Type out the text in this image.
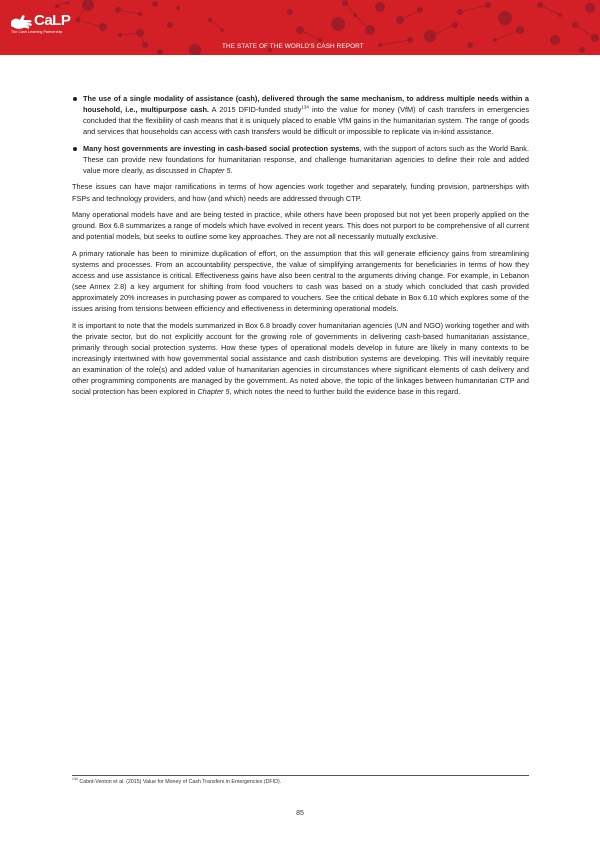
CaLP
The Cash Learning Partnership
THE STATE OF THE WORLD'S CASH REPORT
The use of a single modality of assistance (cash), delivered through the same mechanism, to address multiple needs within a household, i.e., multipurpose cash. A 2015 DFID-funded study$^{134}$ into the value for money (VfM) of cash transfers in emergencies concluded that the flexibility of cash means that it is uniquely placed to enable VfM gains in the humanitarian system. The range of goods and services that households can access with cash transfers would be difficult or impossible to replicate via in-kind assistance.
Many host governments are investing in cash-based social protection systems, with the support of actors such as the World Bank. These can provide new foundations for humanitarian response, and challenge humanitarian agencies to define their role and added value more clearly, as discussed in Chapter 5.

These issues can have major ramifications in terms of how agencies work together and separately, funding provision, partnerships with FSPs and technology providers, and how (and which) needs are addressed through CTP.

Many operational models have and are being tested in practice, while others have been proposed but not yet been properly applied on the ground. Box 6.8 summarizes a range of models which have evolved in recent years. This does not purport to be comprehensive of all current and potential models, but seeks to outline some key approaches. They are not all necessarily mutually exclusive.

A primary rationale has been to minimize duplication of effort, on the assumption that this will generate efficiency gains from streamlining systems and processes. From an accountability perspective, the value of simplifying arrangements for beneficiaries in terms of how they access and use assistance is critical. Effectiveness gains have also been central to the arguments driving change. For example, in Lebanon (see Annex 2.8) a key argument for shifting from food vouchers to cash was based on a study which concluded that cash provided approximately 20% increases in purchasing power as compared to vouchers. See the critical debate in Box 6.10 which explores some of the issues arising from tensions between efficiency and effectiveness in determining operational models.

It is important to note that the models summarized in Box 6.8 broadly cover humanitarian agencies (UN and NGO) working together and with the private sector, but do not explicitly account for the growing role of governments in delivering cash-based humanitarian assistance, primarily through social protection systems. How these types of operational models develop in future are likely in many contexts to be increasingly intertwined with how governmental social assistance and cash distribution systems are developing. This will inevitably require an examination of the role(s) and added value of humanitarian agencies in circumstances where significant elements of cash delivery and other programming components are managed by the government. As noted above, the topic of the linkages between humanitarian CTP and social protection has been explored in Chapter 5, which notes the need to further build the evidence base in this regard.

$^{134}$ Cabot-Venton et al. (2015) Value for Money of Cash Transfers in Emergencies (DFID).
85
